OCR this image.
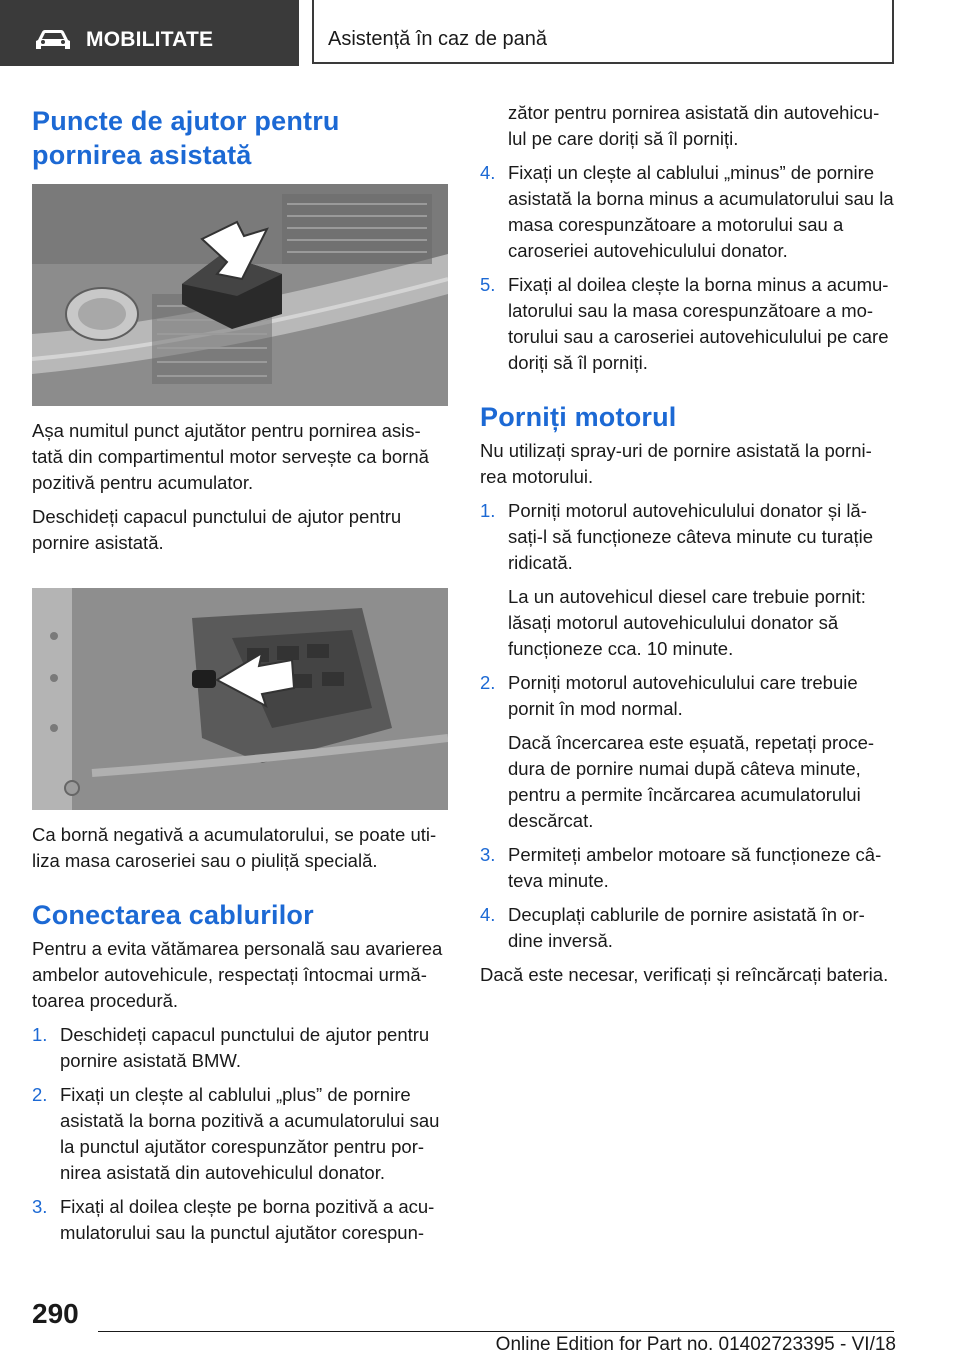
MOBILITATE	Asistență în caz de pană
Puncte de ajutor pentru pornirea asistată

Așa numitul punct ajutător pentru pornirea asis-tată din compartimentul motor servește ca bornă pozitivă pentru acumulator.

Deschideți capacul punctului de ajutor pentru pornire asistată.

Ca bornă negativă a acumulatorului, se poate uti-liza masa caroseriei sau o piuliță specială.

Conectarea cablurilor

Pentru a evita vătămarea personală sau avarierea ambelor autovehicule, respectați întocmai urmă-toarea procedură.

1. Deschideți capacul punctului de ajutor pentru pornire asistată BMW.
2. Fixați un clește al cablului „plus” de pornire asistată la borna pozitivă a acumulatorului sau la punctul ajutător corespunzător pentru por-nirea asistată din autovehiculul donator.
3. Fixați al doilea clește pe borna pozitivă a acu-mulatorului sau la punctul ajutător corespun-

zător pentru pornirea asistată din autovehicu-lul pe care doriți să îl porniți.

4. Fixați un clește al cablului „minus” de pornire asistată la borna minus a acumulatorului sau la masa corespunzătoare a motorului sau a caroseriei autovehiculului donator.
5. Fixați al doilea clește la borna minus a acumu-latorului sau la masa corespunzătoare a mo-torului sau a caroseriei autovehiculului pe care doriți să îl porniți.
Porniți motorul

Nu utilizați spray-uri de pornire asistată la porni-rea motorului.

1. Porniți motorul autovehiculului donator și lă-sați-l să funcționeze câteva minute cu turație ridicată.
La un autovehicul diesel care trebuie pornit: lăsați motorul autovehiculului donator să funcționeze cca. 10 minute.
2. Porniți motorul autovehiculului care trebuie pornit în mod normal.
Dacă încercarea este eșuată, repetați proce-dura de pornire numai după câteva minute, pentru a permite încărcarea acumulatorului descărcat.
3. Permiteți ambelor motoare să funcționeze câ-teva minute.
4. Decuplați cablurile de pornire asistată în or-dine inversă.

Dacă este necesar, verificați și reîncărcați bateria.

290
Online Edition for Part no. 01402723395 - VI/18
